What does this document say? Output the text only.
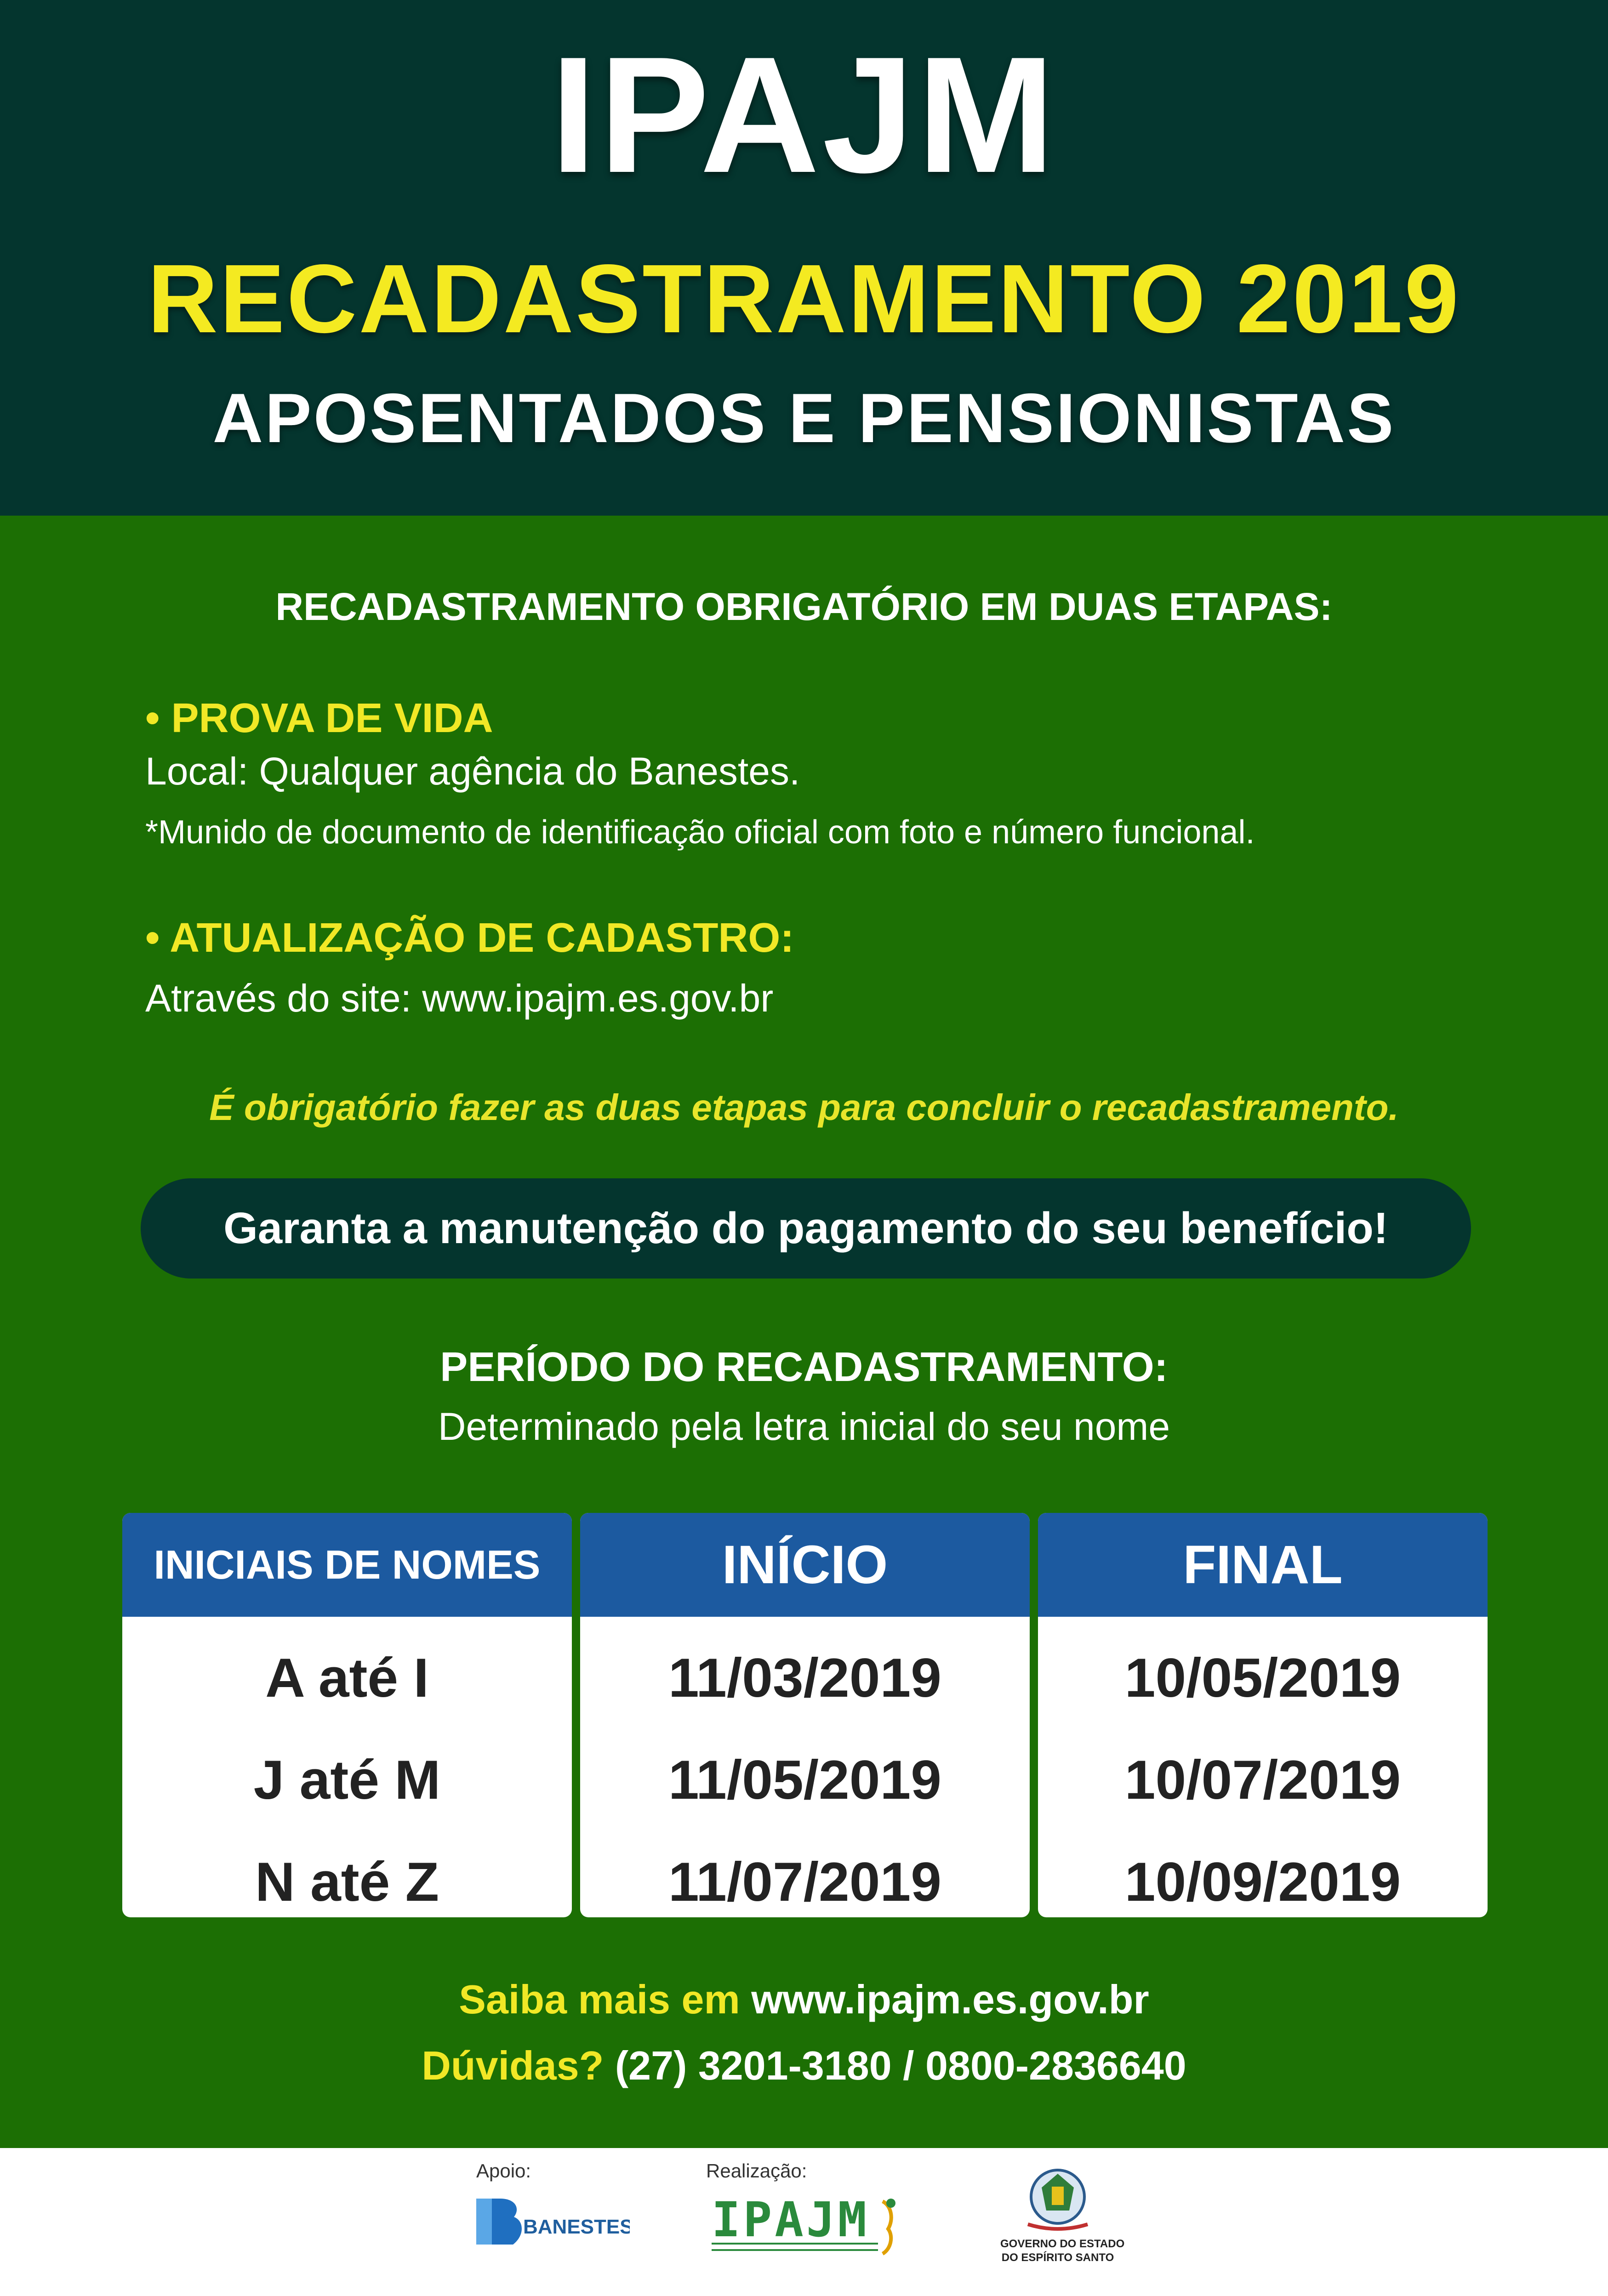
IPAJM
RECADASTRAMENTO 2019
APOSENTADOS E PENSIONISTAS
RECADASTRAMENTO OBRIGATÓRIO EM DUAS ETAPAS:
• PROVA DE VIDA
Local: Qualquer agência do Banestes.
*Munido de documento de identificação oficial com foto e número funcional.
• ATUALIZAÇÃO DE CADASTRO:
Através do site: www.ipajm.es.gov.br
É obrigatório fazer as duas etapas para concluir o recadastramento.
Garanta a manutenção do pagamento do seu benefício!
PERÍODO DO RECADASTRAMENTO:
Determinado pela letra inicial do seu nome
INICIAIS DE NOMES
A até I
J até M
N até Z
INÍCIO
11/03/2019
11/05/2019
11/07/2019
FINAL
10/05/2019
10/07/2019
10/09/2019
Saiba mais em www.ipajm.es.gov.br
Dúvidas? (27) 3201-3180 / 0800-2836640
Apoio:
BANESTES
Realização:
IPAJM	GOVERNO DO ESTADO
DO ESPÍRITO SANTO
